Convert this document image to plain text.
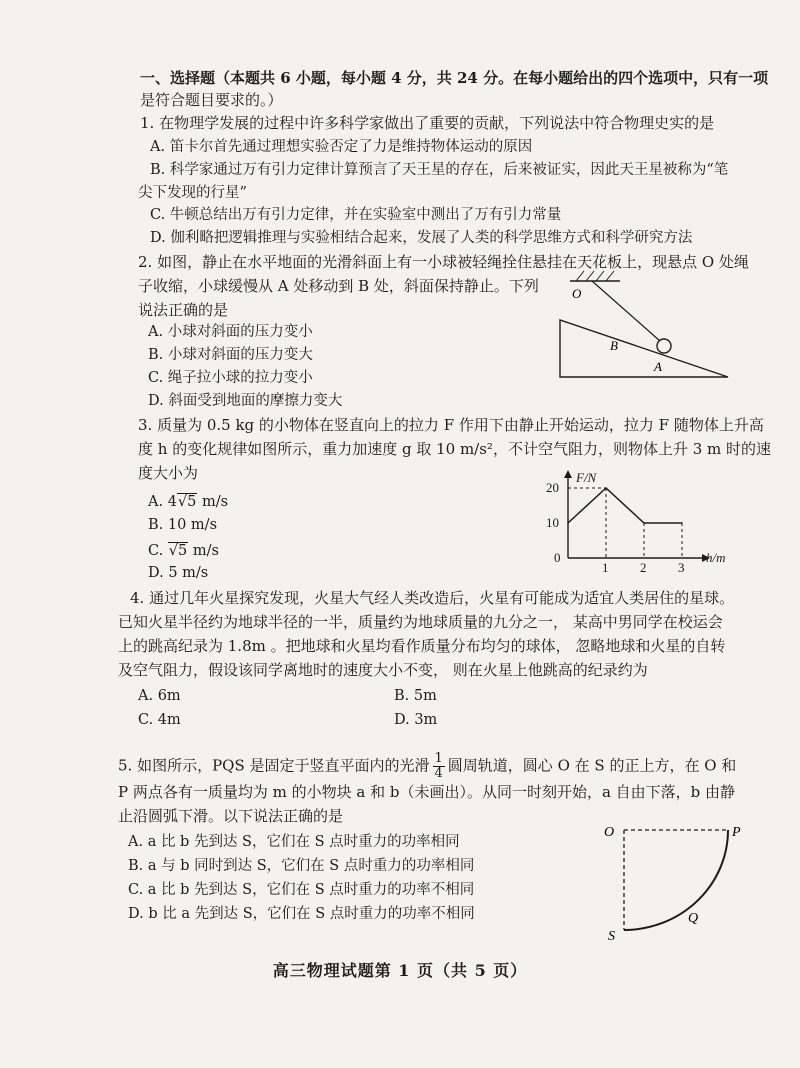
一、选择题（本题共 6 小题，每小题 4 分，共 24 分。在每小题给出的四个选项中，只有一项
是符合题目要求的。）
1. 在物理学发展的过程中许多科学家做出了重要的贡献，下列说法中符合物理史实的是
A. 笛卡尔首先通过理想实验否定了力是维持物体运动的原因
B. 科学家通过万有引力定律计算预言了天王星的存在，后来被证实，因此天王星被称为“笔
尖下发现的行星”
C. 牛顿总结出万有引力定律，并在实验室中测出了万有引力常量
D. 伽利略把逻辑推理与实验相结合起来，发展了人类的科学思维方式和科学研究方法
2. 如图，静止在水平地面的光滑斜面上有一小球被轻绳拴住悬挂在天花板上，现悬点 O 处绳
子收缩，小球缓慢从 A 处移动到 B 处，斜面保持静止。下列
说法正确的是
A. 小球对斜面的压力变小
B. 小球对斜面的压力变大
C. 绳子拉小球的拉力变小
D. 斜面受到地面的摩擦力变大
O
B
A
3. 质量为 0.5 kg 的小物体在竖直向上的拉力 F 作用下由静止开始运动，拉力 F 随物体上升高
度 h 的变化规律如图所示，重力加速度 g 取 10 m/s²，不计空气阻力，则物体上升 3 m 时的速
度大小为
A. 4√5 m/s
B. 10 m/s
C. √5 m/s
D. 5 m/s
F/N
h/m
0
1 2 3
10
20
4. 通过几年火星探究发现，火星大气经人类改造后，火星有可能成为适宜人类居住的星球。
已知火星半径约为地球半径的一半，质量约为地球质量的九分之一， 某高中男同学在校运会
上的跳高纪录为 1.8m 。把地球和火星均看作质量分布均匀的球体， 忽略地球和火星的自转
及空气阻力，假设该同学离地时的速度大小不变， 则在火星上他跳高的纪录约为
A. 6m	B. 5m
C. 4m	D. 3m
5. 如图所示，PQS 是固定于竖直平面内的光滑 $\frac{1}{4}$ 圆周轨道，圆心 O 在 S 的正上方，在 O 和
P 两点各有一质量均为 m 的小物块 a 和 b（未画出）。从同一时刻开始，a 自由下落，b 由静
止沿圆弧下滑。以下说法正确的是
A. a 比 b 先到达 S，它们在 S 点时重力的功率相同
B. a 与 b 同时到达 S，它们在 S 点时重力的功率相同
C. a 比 b 先到达 S，它们在 S 点时重力的功率不相同
D. b 比 a 先到达 S，它们在 S 点时重力的功率不相同
O	P
Q
S
高三物理试题第 1 页（共 5 页）
